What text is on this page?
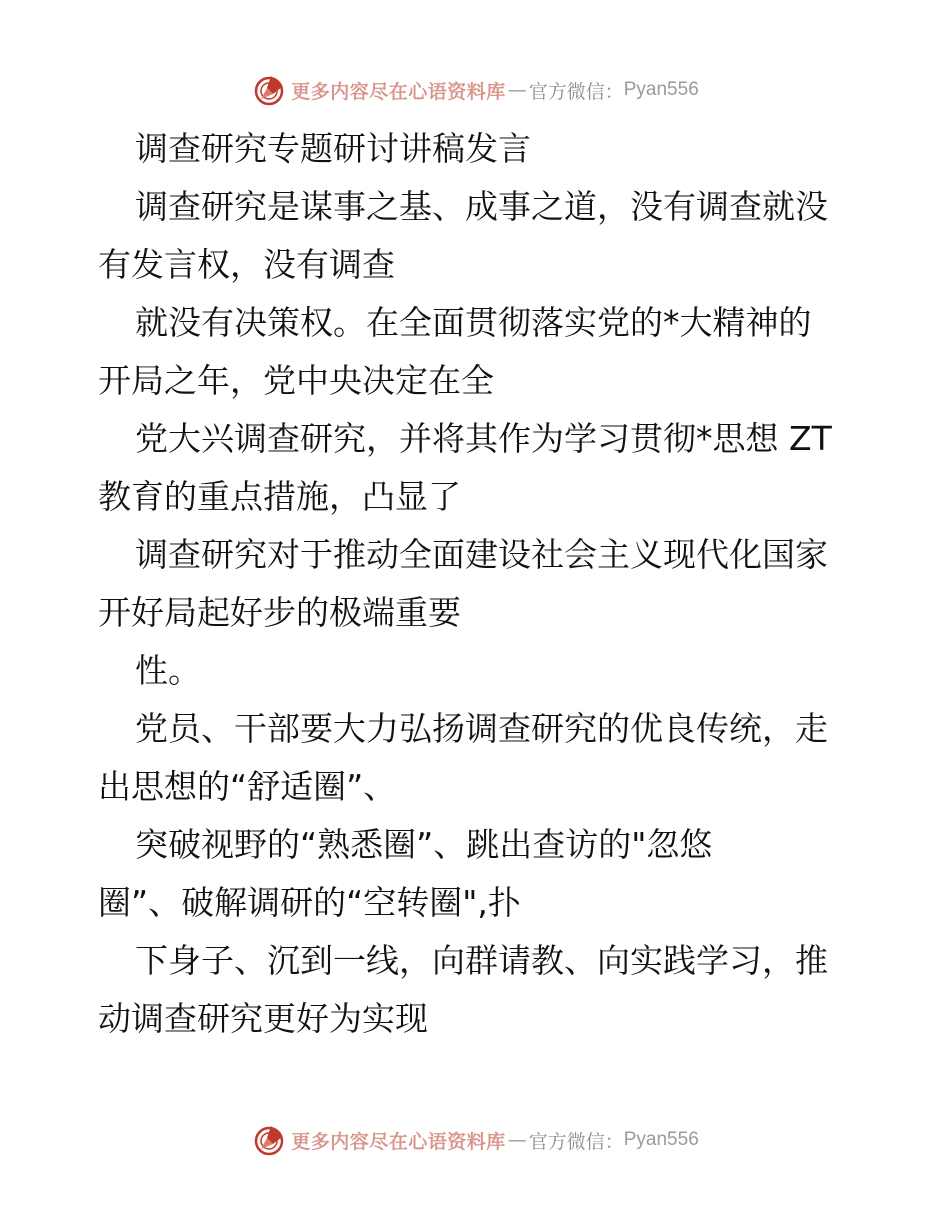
更多内容尽在心语资料库 — 官方微信： Pyan556
调查研究专题研讨讲稿发言
调查研究是谋事之基、成事之道，没有调查就没
有发言权，没有调查
就没有决策权。在全面贯彻落实党的*大精神的
开局之年，党中央决定在全
党大兴调查研究，并将其作为学习贯彻*思想 ZT
教育的重点措施，凸显了
调查研究对于推动全面建设社会主义现代化国家
开好局起好步的极端重要
性。
党员、干部要大力弘扬调查研究的优良传统，走
出思想的“舒适圈”、
突破视野的“熟悉圈”、跳出查访的"忽悠
圈”、破解调研的“空转圈",扑
下身子、沉到一线，向群请教、向实践学习，推
动调查研究更好为实现
更多内容尽在心语资料库 — 官方微信： Pyan556
